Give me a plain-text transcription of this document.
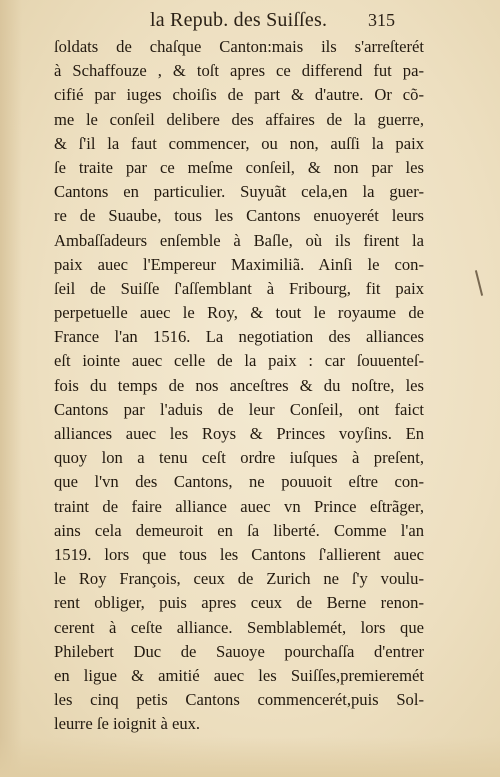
la Repub. des Suiſſes. 315
ſoldats de chaſque Canton:mais ils s'arreſterét
à Schaffouze , & toſt apres ce differend fut pa-
cifié par iuges choiſis de part & d'autre. Or cõ-
me le conſeil delibere des affaires de la guerre,
& ſ'il la faut commencer, ou non, auſſi la paix
ſe traite par ce meſme conſeil, & non par les
Cantons en particulier. Suyuãt cela,en la guer-
re de Suaube, tous les Cantons enuoyerét leurs
Ambaſſadeurs enſemble à Baſle, où ils firent la
paix auec l'Empereur Maximiliã. Ainſi le con-
ſeil de Suiſſe ſ'aſſemblant à Fribourg, fit paix
perpetuelle auec le Roy, & tout le royaume de
France l'an 1516. La negotiation des alliances
eſt iointe auec celle de la paix : car ſouuenteſ-
fois du temps de nos anceſtres & du noſtre, les
Cantons par l'aduis de leur Conſeil, ont faict
alliances auec les Roys & Princes voyſins. En
quoy lon a tenu ceſt ordre iuſques à preſent,
que l'vn des Cantons, ne pouuoit eſtre con-
traint de faire alliance auec vn Prince eſtrãger,
ains cela demeuroit en ſa liberté. Comme l'an
1519. lors que tous les Cantons ſ'allierent auec
le Roy François, ceux de Zurich ne ſ'y voulu-
rent obliger, puis apres ceux de Berne renon-
cerent à ceſte alliance. Semblablemét, lors que
Philebert Duc de Sauoye pourchaſſa d'entrer
en ligue & amitié auec les Suiſſes,premieremét
les cinq petis Cantons commencerét,puis Sol-
leurre ſe ioignit à eux.
